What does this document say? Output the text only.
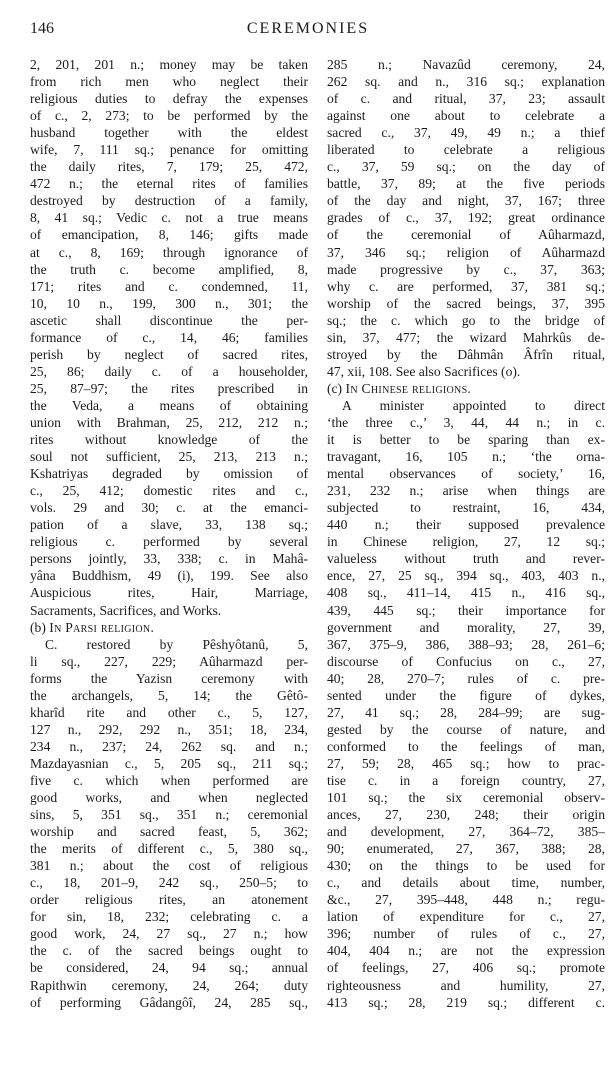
146	CEREMONIES

2, 201, 201 n.; money may be taken

from rich men who neglect their

religious duties to defray the expenses

of c., 2, 273; to be performed by the

husband together with the eldest

wife, 7, 111 sq.; penance for omitting

the daily rites, 7, 179; 25, 472,

472 n.; the eternal rites of families

destroyed by destruction of a family,

8, 41 sq.; Vedic c. not a true means

of emancipation, 8, 146; gifts made

at c., 8, 169; through ignorance of

the truth c. become amplified, 8,

171; rites and c. condemned, 11,

10, 10 n., 199, 300 n., 301; the

ascetic shall discontinue the per-

formance of c., 14, 46; families

perish by neglect of sacred rites,

25, 86; daily c. of a householder,

25, 87–97; the rites prescribed in

the Veda, a means of obtaining

union with Brahman, 25, 212, 212 n.;

rites without knowledge of the

soul not sufficient, 25, 213, 213 n.;

Kshatriyas degraded by omission of

c., 25, 412; domestic rites and c.,

vols. 29 and 30; c. at the emanci-

pation of a slave, 33, 138 sq.;

religious c. performed by several

persons jointly, 33, 338; c. in Mahâ-

yâna Buddhism, 49 (i), 199. See also

Auspicious rites, Hair, Marriage,

Sacraments, Sacrifices, and Works.

(b) In Parsi religion.

C. restored by Pêshyôtanû, 5,

li sq., 227, 229; Aûharmazd per-

forms the Yazisn ceremony with

the archangels, 5, 14; the Gêtô-

kharîd rite and other c., 5, 127,

127 n., 292, 292 n., 351; 18, 234,

234 n., 237; 24, 262 sq. and n.;

Mazdayasnian c., 5, 205 sq., 211 sq.;

five c. which when performed are

good works, and when neglected

sins, 5, 351 sq., 351 n.; ceremonial

worship and sacred feast, 5, 362;

the merits of different c., 5, 380 sq.,

381 n.; about the cost of religious

c., 18, 201–9, 242 sq., 250–5; to

order religious rites, an atonement

for sin, 18, 232; celebrating c. a

good work, 24, 27 sq., 27 n.; how

the c. of the sacred beings ought to

be considered, 24, 94 sq.; annual

Rapithwin ceremony, 24, 264; duty

of performing Gâdangôî, 24, 285 sq.,

285 n.; Navazûd ceremony, 24,

262 sq. and n., 316 sq.; explanation

of c. and ritual, 37, 23; assault

against one about to celebrate a

sacred c., 37, 49, 49 n.; a thief

liberated to celebrate a religious

c., 37, 59 sq.; on the day of

battle, 37, 89; at the five periods

of the day and night, 37, 167; three

grades of c., 37, 192; great ordinance

of the ceremonial of Aûharmazd,

37, 346 sq.; religion of Aûharmazd

made progressive by c., 37, 363;

why c. are performed, 37, 381 sq.;

worship of the sacred beings, 37, 395

sq.; the c. which go to the bridge of

sin, 37, 477; the wizard Mahrkûs de-

stroyed by the Dâhmân Âfrîn ritual,

47, xii, 108. See also Sacrifices (o).

(c) In Chinese religions.

A minister appointed to direct

‘the three c.,’ 3, 44, 44 n.; in c.

it is better to be sparing than ex-

travagant, 16, 105 n.; ‘the orna-

mental observances of society,’ 16,

231, 232 n.; arise when things are

subjected to restraint, 16, 434,

440 n.; their supposed prevalence

in Chinese religion, 27, 12 sq.;

valueless without truth and rever-

ence, 27, 25 sq., 394 sq., 403, 403 n.,

408 sq., 411–14, 415 n., 416 sq.,

439, 445 sq.; their importance for

government and morality, 27, 39,

367, 375–9, 386, 388–93; 28, 261–6;

discourse of Confucius on c., 27,

40; 28, 270–7; rules of c. pre-

sented under the figure of dykes,

27, 41 sq.; 28, 284–99; are sug-

gested by the course of nature, and

conformed to the feelings of man,

27, 59; 28, 465 sq.; how to prac-

tise c. in a foreign country, 27,

101 sq.; the six ceremonial observ-

ances, 27, 230, 248; their origin

and development, 27, 364–72, 385–

90; enumerated, 27, 367, 388; 28,

430; on the things to be used for

c., and details about time, number,

&c., 27, 395–448, 448 n.; regu-

lation of expenditure for c., 27,

396; number of rules of c., 27,

404, 404 n.; are not the expression

of feelings, 27, 406 sq.; promote

righteousness and humility, 27,

413 sq.; 28, 219 sq.; different c.
